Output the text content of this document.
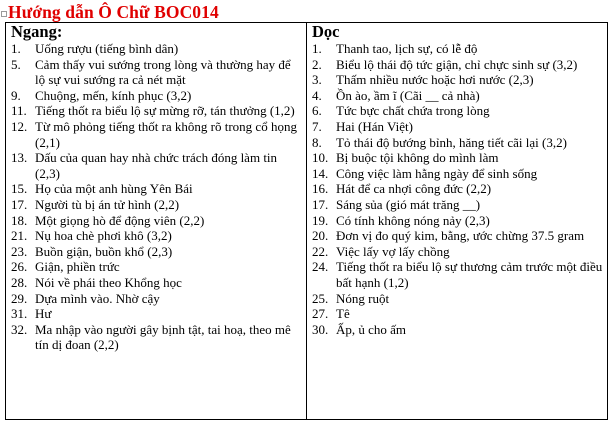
Hướng dẫn Ô Chữ BOC014
Ngang:
1.	Uống rượu (tiếng bình dân)
5.	Cảm thấy vui sướng trong lòng và thường hay để lộ sự vui sướng ra cả nét mặt
9.	Chuộng, mến, kính phục (3,2)
11. Tiếng thốt ra biểu lộ sự mừng rỡ, tán thưởng (1,2)
12. Từ mô phỏng tiếng thốt ra không rõ trong cổ họng (2,1)
13. Dấu của quan hay nhà chức trách đóng làm tin (2,3)
15. Họ của một anh hùng Yên Bái
17. Người tù bị án tử hình (2,2)
18. Một giọng hò để động viên (2,2)
21. Nụ hoa chè phơi khô (3,2)
23. Buồn giận, buồn khổ (2,3)
26. Giận, phiền trức
28. Nói về phái theo Khổng học
29. Dựa mình vào. Nhờ cậy
31. Hư
32. Ma nhập vào người gây bịnh tật, tai hoạ, theo mê tín dị đoan (2,2)
Dọc
1.	Thanh tao, lịch sự, có lễ độ
2.	Biểu lộ thái độ tức giận, chỉ chực sinh sự (3,2)
3.	Thấm nhiều nước hoặc hơi nước (2,3)
4.	Ồn ào, ầm ĩ (Cãi __ cả nhà)
6.	Tức bực chất chứa trong lòng
7.	Hai (Hán Việt)
8.	Tỏ thái độ bướng bỉnh, hăng tiết cãi lại (3,2)
10. Bị buộc tội không do mình làm
14. Công việc làm hằng ngày để sinh sống
16. Hát để ca nhợi công đức (2,2)
17. Sáng sủa (gió mát trăng __)
19. Có tính không nóng nảy (2,3)
20. Đơn vị đo quý kim, bằng, ước chừng 37.5 gram
22. Việc lấy vợ lấy chồng
24. Tiếng thốt ra biểu lộ sự thương cảm trước một điều bất hạnh (1,2)
25. Nóng ruột
27. Tê
30. Ấp, ủ cho ấm
